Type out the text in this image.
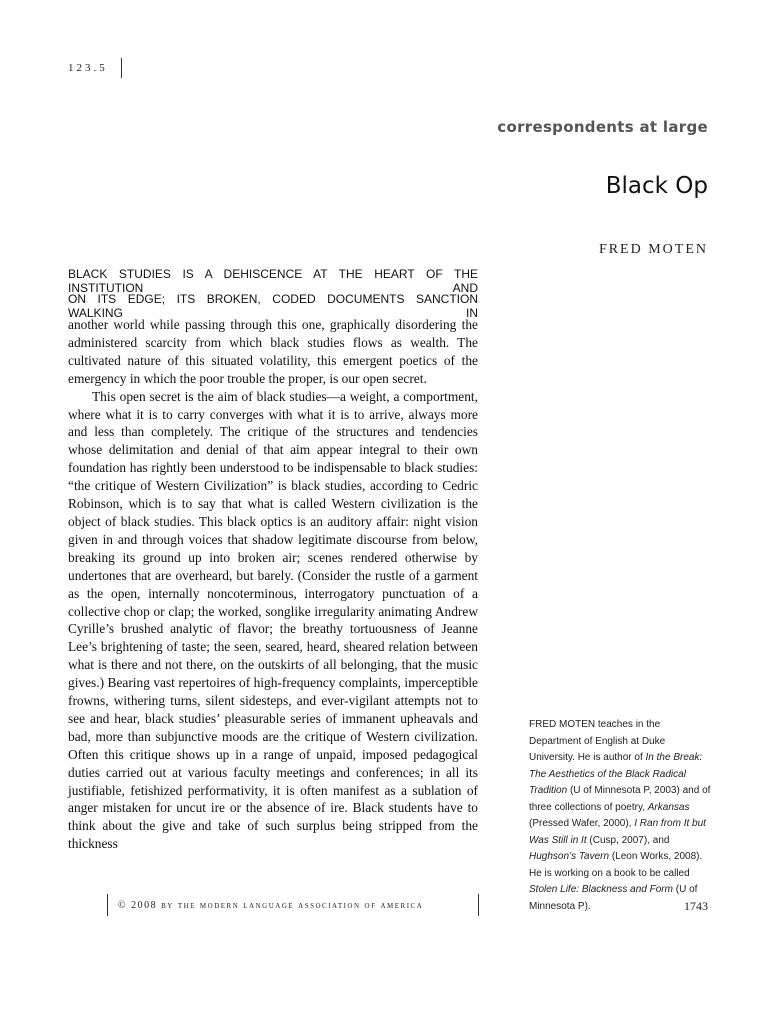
123.5
correspondents at large
Black Op
FRED MOTEN
BLACK STUDIES IS A DEHISCENCE AT THE HEART OF THE INSTITUTION AND
ON ITS EDGE; ITS BROKEN, CODED DOCUMENTS SANCTION WALKING IN

another world while passing through this one, graphically disordering the administered scarcity from which black studies flows as wealth. The cultivated nature of this situated volatility, this emergent poetics of the emergency in which the poor trouble the proper, is our open secret.

This open secret is the aim of black studies—a weight, a comportment, where what it is to carry converges with what it is to arrive, always more and less than completely. The critique of the structures and tendencies whose delimitation and denial of that aim appear integral to their own foundation has rightly been understood to be indispensable to black studies: “the critique of Western Civilization” is black studies, according to Cedric Robinson, which is to say that what is called Western civilization is the object of black studies. This black optics is an auditory affair: night vision given in and through voices that shadow legitimate discourse from below, breaking its ground up into broken air; scenes rendered otherwise by undertones that are overheard, but barely. (Consider the rustle of a garment as the open, internally noncoterminous, interrogatory punctuation of a collective chop or clap; the worked, songlike irregularity animating Andrew Cyrille’s brushed analytic of flavor; the breathy tortuousness of Jeanne Lee’s brightening of taste; the seen, seared, heard, sheared relation between what is there and not there, on the outskirts of all belonging, that the music gives.) Bearing vast repertoires of high-frequency complaints, imperceptible frowns, withering turns, silent sidesteps, and ever-vigilant attempts not to see and hear, black studies’ pleasurable series of immanent upheavals and bad, more than subjunctive moods are the critique of Western civilization. Often this critique shows up in a range of unpaid, imposed pedagogical duties carried out at various faculty meetings and conferences; in all its justifiable, fetishized performativity, it is often manifest as a sublation of anger mistaken for uncut ire or the absence of ire. Black students have to think about the give and take of such surplus being stripped from the thickness

FRED MOTEN teaches in the Department of English at Duke University. He is author of In the Break: The Aesthetics of the Black Radical Tradition (U of Minnesota P, 2003) and of three collections of poetry, Arkansas (Pressed Wafer, 2000), I Ran from It but Was Still in It (Cusp, 2007), and Hughson’s Tavern (Leon Works, 2008). He is working on a book to be called Stolen Life: Blackness and Form (U of Minnesota P).
© 2008 by the modern language association of america	1743
